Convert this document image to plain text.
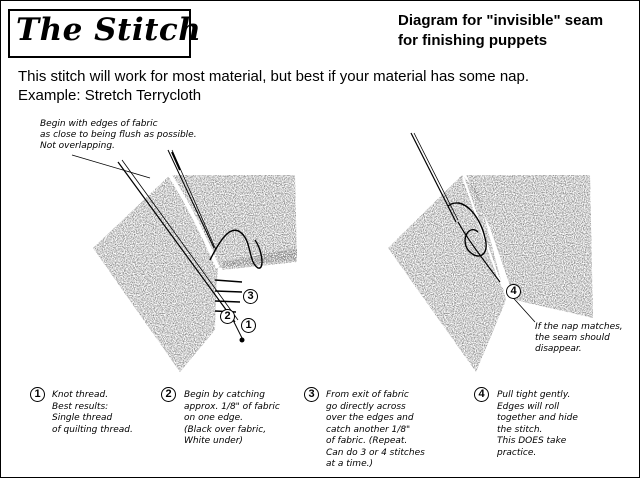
The Stitch	Diagram for "invisible" seam
for finishing puppets
This stitch will work for most material, but best if your material has some nap.
Example: Stretch Terrycloth
3
2
1
4
Begin with edges of fabric
as close to being flush as possible.
Not overlapping.
If the nap matches,
the seam should
disappear.
1	Knot thread.
Best results:
Single thread
of quilting thread.
2	Begin by catching
approx. 1/8" of fabric
on one edge.
(Black over fabric,
White under)
3	From exit of fabric
go directly across
over the edges and
catch another 1/8"
of fabric. (Repeat.
Can do 3 or 4 stitches
at a time.)
4	Pull tight gently.
Edges will roll
together and hide
the stitch.
This DOES take
practice.
